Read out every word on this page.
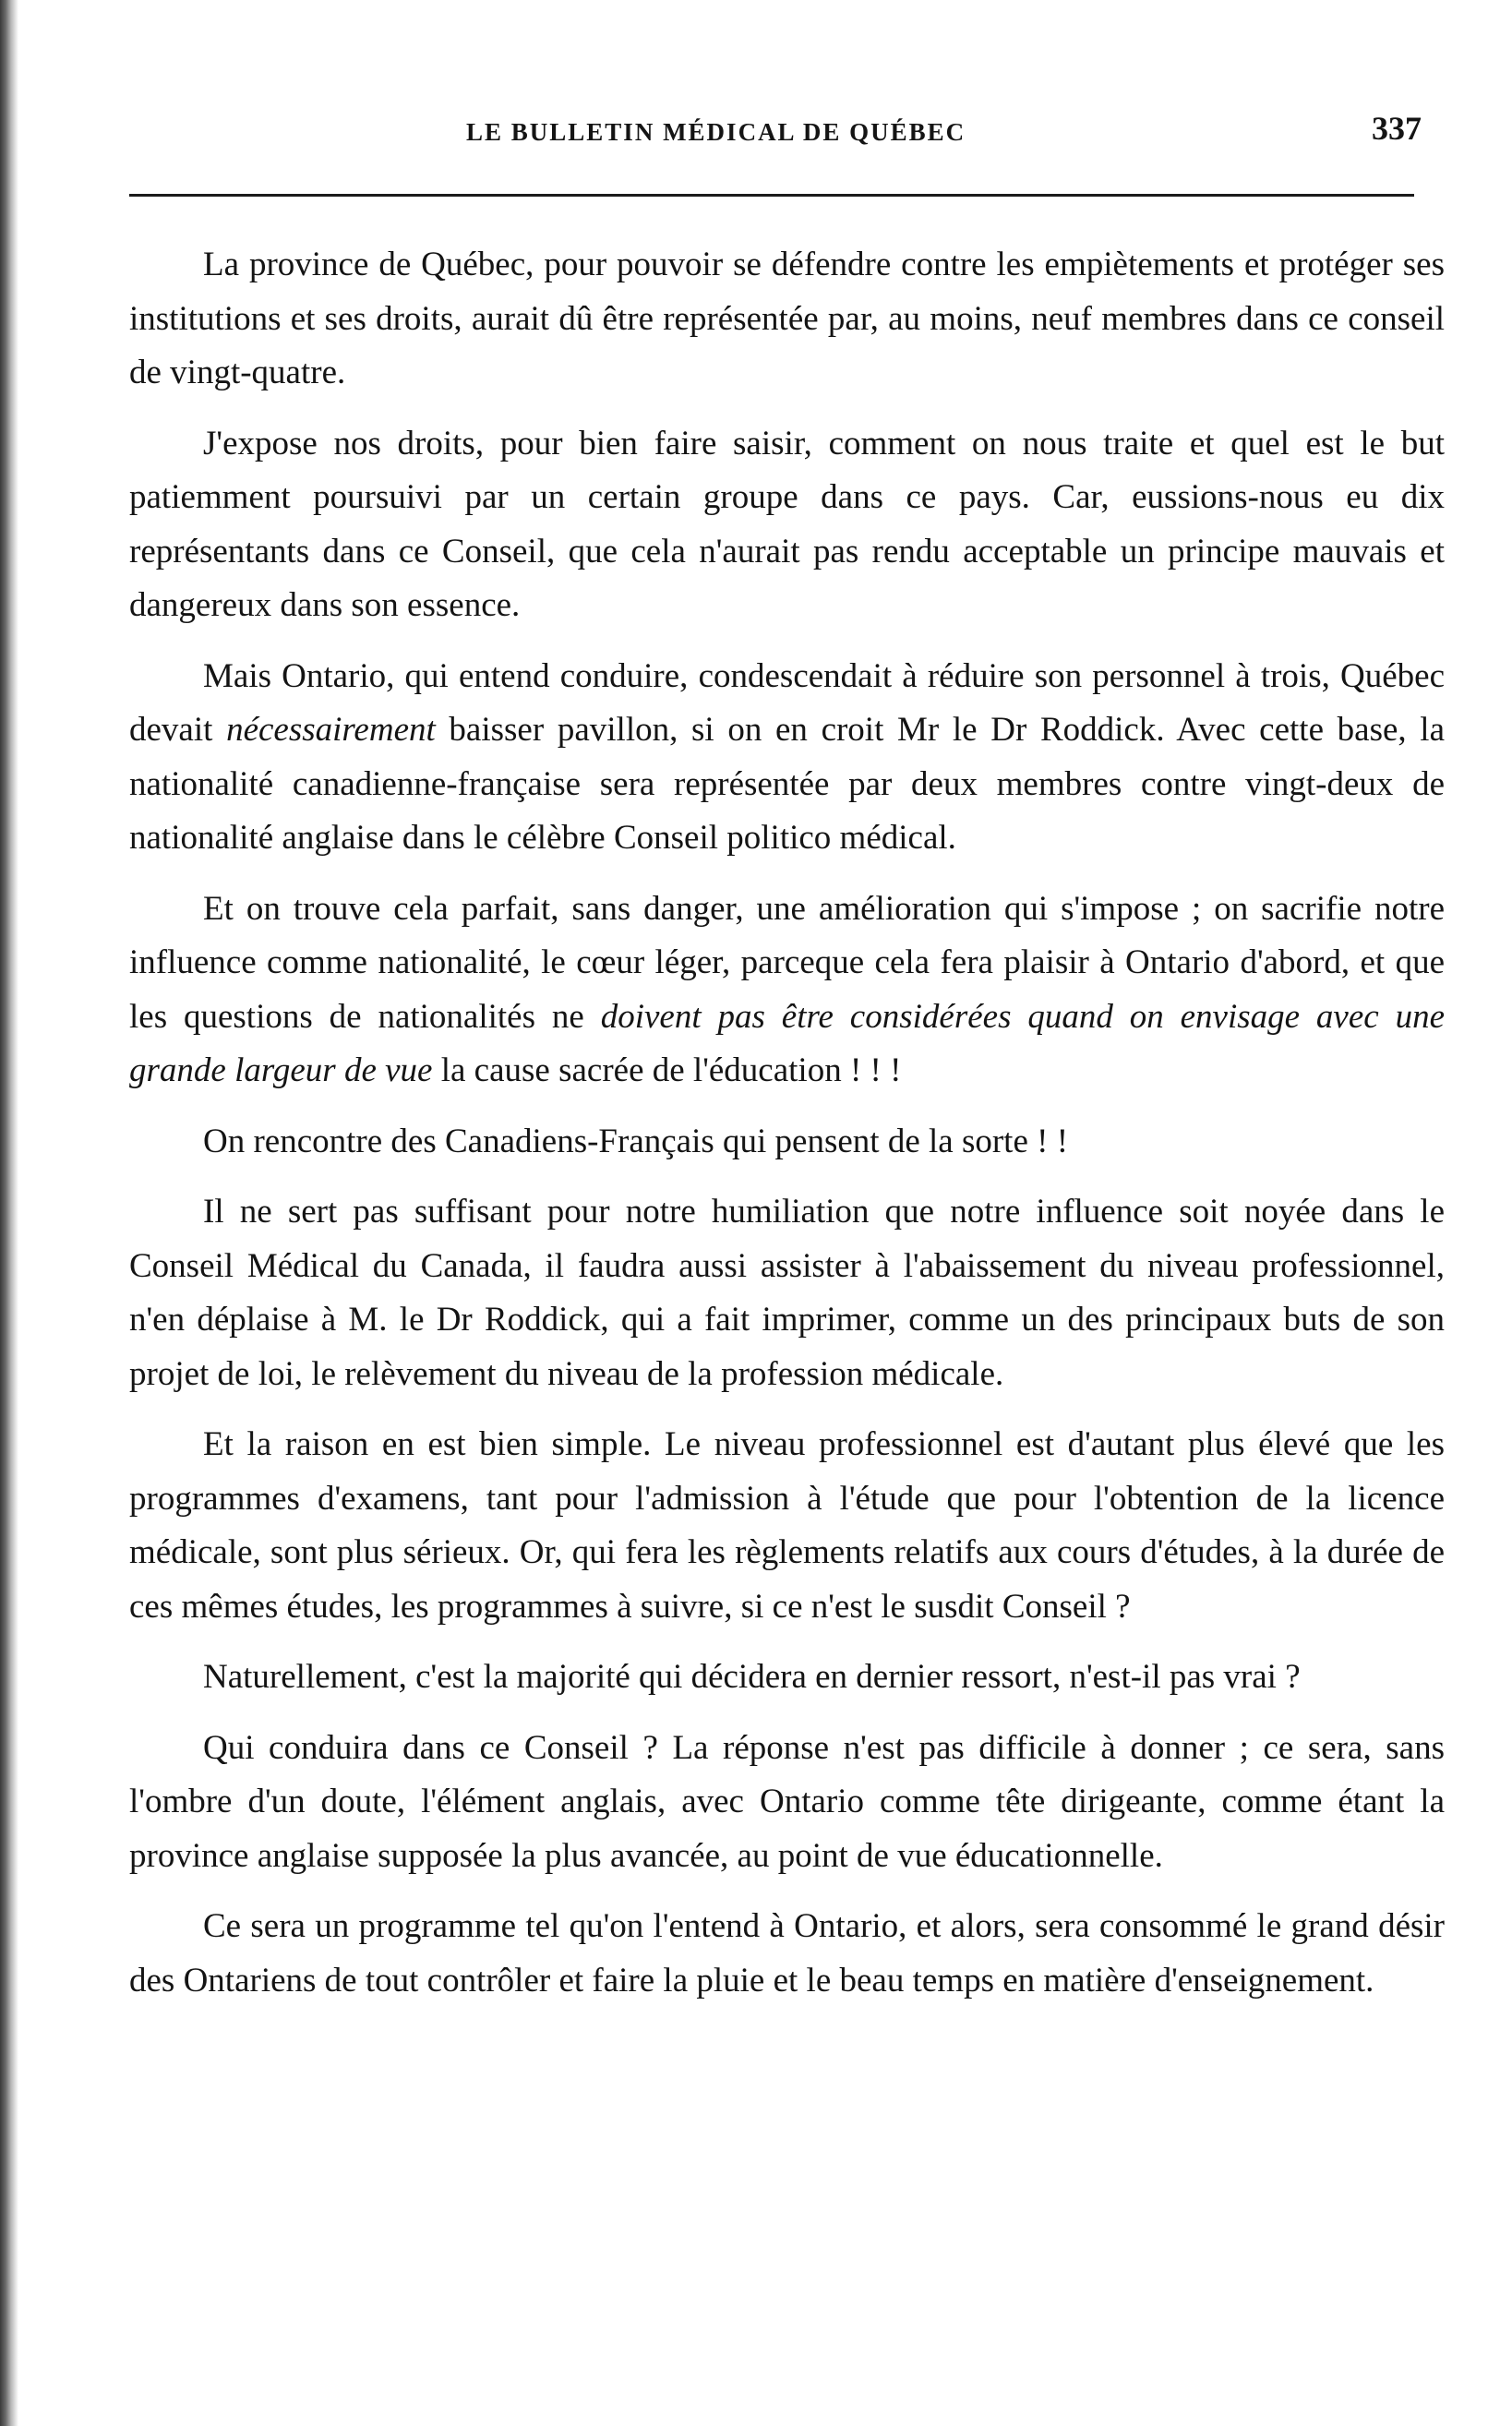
LE BULLETIN MÉDICAL DE QUÉBEC	337

La province de Québec, pour pouvoir se défendre contre les empiètements et protéger ses institutions et ses droits, aurait dû être représentée par, au moins, neuf membres dans ce conseil de vingt-quatre.

J'expose nos droits, pour bien faire saisir, comment on nous traite et quel est le but patiemment poursuivi par un certain groupe dans ce pays. Car, eussions-nous eu dix représentants dans ce Conseil, que cela n'aurait pas rendu acceptable un principe mauvais et dangereux dans son essence.

Mais Ontario, qui entend conduire, condescendait à réduire son personnel à trois, Québec devait nécessairement baisser pavillon, si on en croit Mr le Dr Roddick. Avec cette base, la nationalité canadienne-française sera représentée par deux membres contre vingt-deux de nationalité anglaise dans le célèbre Conseil politico médical.

Et on trouve cela parfait, sans danger, une amélioration qui s'impose ; on sacrifie notre influence comme nationalité, le cœur léger, parceque cela fera plaisir à Ontario d'abord, et que les questions de nationalités ne doivent pas être considérées quand on envisage avec une grande largeur de vue la cause sacrée de l'éducation ! ! !

On rencontre des Canadiens-Français qui pensent de la sorte ! !

Il ne sert pas suffisant pour notre humiliation que notre influence soit noyée dans le Conseil Médical du Canada, il faudra aussi assister à l'abaissement du niveau professionnel, n'en déplaise à M. le Dr Roddick, qui a fait imprimer, comme un des principaux buts de son projet de loi, le relèvement du niveau de la profession médicale.

Et la raison en est bien simple. Le niveau professionnel est d'autant plus élevé que les programmes d'examens, tant pour l'admission à l'étude que pour l'obtention de la licence médicale, sont plus sérieux. Or, qui fera les règlements relatifs aux cours d'études, à la durée de ces mêmes études, les programmes à suivre, si ce n'est le susdit Conseil ?

Naturellement, c'est la majorité qui décidera en dernier ressort, n'est-il pas vrai ?

Qui conduira dans ce Conseil ? La réponse n'est pas difficile à donner ; ce sera, sans l'ombre d'un doute, l'élément anglais, avec Ontario comme tête dirigeante, comme étant la province anglaise supposée la plus avancée, au point de vue éducationnelle.

Ce sera un programme tel qu'on l'entend à Ontario, et alors, sera consommé le grand désir des Ontariens de tout contrôler et faire la pluie et le beau temps en matière d'enseignement.
